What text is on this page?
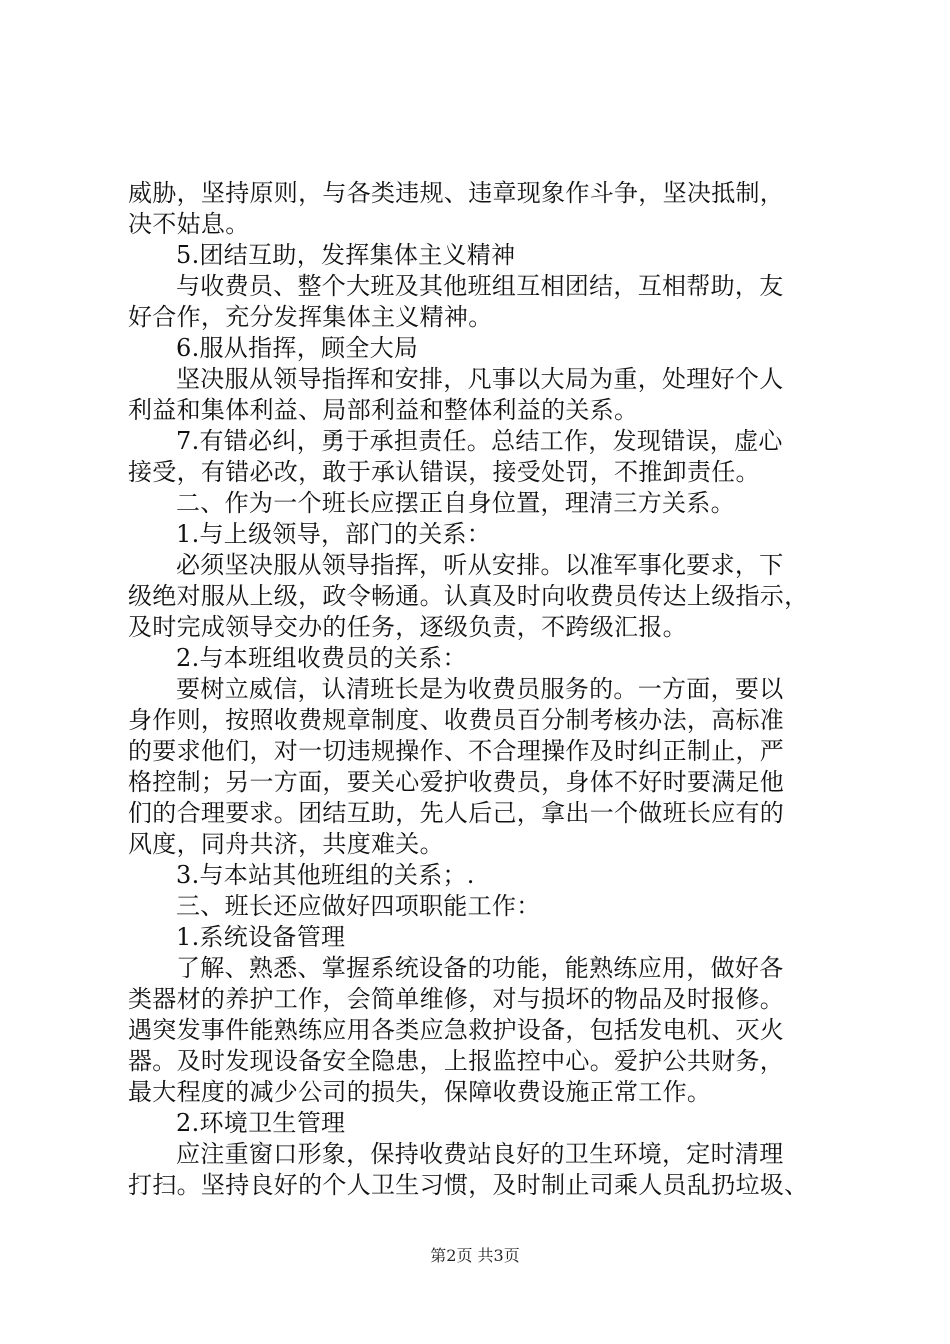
威胁，坚持原则，与各类违规、违章现象作斗争，坚决抵制，
决不姑息。
5.团结互助，发挥集体主义精神
与收费员、整个大班及其他班组互相团结，互相帮助，友
好合作，充分发挥集体主义精神。
6.服从指挥，顾全大局
坚决服从领导指挥和安排，凡事以大局为重，处理好个人
利益和集体利益、局部利益和整体利益的关系。
7.有错必纠，勇于承担责任。总结工作，发现错误，虚心
接受，有错必改，敢于承认错误，接受处罚，不推卸责任。
二、作为一个班长应摆正自身位置，理清三方关系。
1.与上级领导，部门的关系：
必须坚决服从领导指挥，听从安排。以准军事化要求，下
级绝对服从上级，政令畅通。认真及时向收费员传达上级指示，
及时完成领导交办的任务，逐级负责，不跨级汇报。
2.与本班组收费员的关系：
要树立威信，认清班长是为收费员服务的。一方面，要以
身作则，按照收费规章制度、收费员百分制考核办法，高标准
的要求他们，对一切违规操作、不合理操作及时纠正制止，严
格控制；另一方面，要关心爱护收费员，身体不好时要满足他
们的合理要求。团结互助，先人后己，拿出一个做班长应有的
风度，同舟共济，共度难关。
3.与本站其他班组的关系；.
三、班长还应做好四项职能工作：
1.系统设备管理
了解、熟悉、掌握系统设备的功能，能熟练应用，做好各
类器材的养护工作，会简单维修，对与损坏的物品及时报修。
遇突发事件能熟练应用各类应急救护设备，包括发电机、灭火
器。及时发现设备安全隐患，上报监控中心。爱护公共财务，
最大程度的减少公司的损失，保障收费设施正常工作。
2.环境卫生管理
应注重窗口形象，保持收费站良好的卫生环境，定时清理
打扫。坚持良好的个人卫生习惯，及时制止司乘人员乱扔垃圾、
第2页 共3页
